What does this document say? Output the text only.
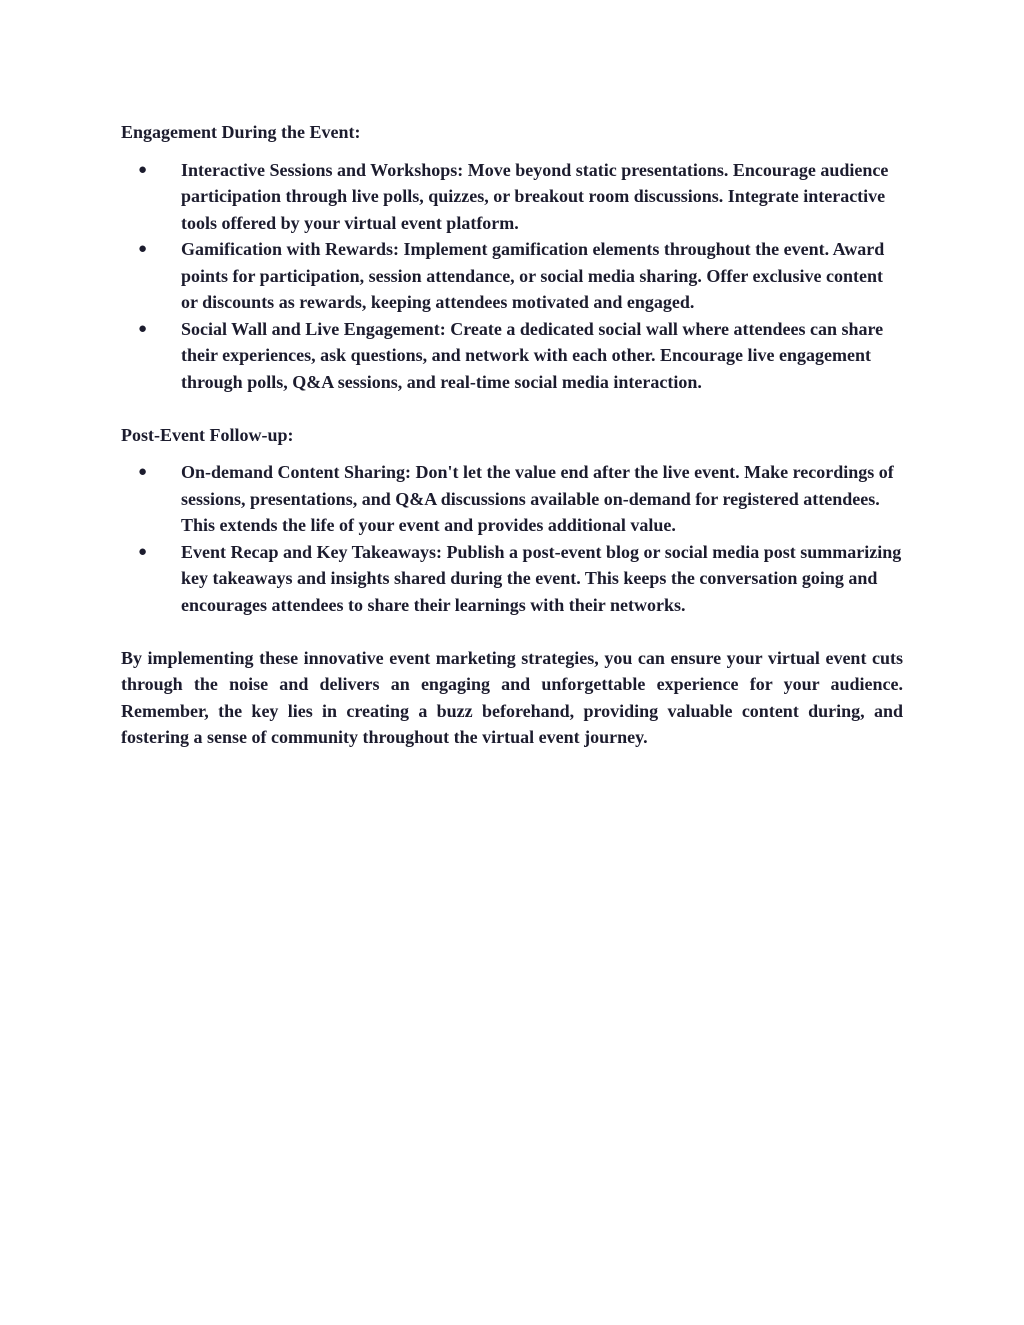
Engagement During the Event:

● Interactive Sessions and Workshops: Move beyond static presentations. Encourage audience participation through live polls, quizzes, or breakout room discussions. Integrate interactive tools offered by your virtual event platform.
● Gamification with Rewards: Implement gamification elements throughout the event. Award points for participation, session attendance, or social media sharing. Offer exclusive content or discounts as rewards, keeping attendees motivated and engaged.
● Social Wall and Live Engagement: Create a dedicated social wall where attendees can share their experiences, ask questions, and network with each other. Encourage live engagement through polls, Q&A sessions, and real-time social media interaction.

Post-Event Follow-up:

● On-demand Content Sharing: Don't let the value end after the live event. Make recordings of sessions, presentations, and Q&A discussions available on-demand for registered attendees. This extends the life of your event and provides additional value.
● Event Recap and Key Takeaways: Publish a post-event blog or social media post summarizing key takeaways and insights shared during the event. This keeps the conversation going and encourages attendees to share their learnings with their networks.

By implementing these innovative event marketing strategies, you can ensure your virtual event cuts through the noise and delivers an engaging and unforgettable experience for your audience. Remember, the key lies in creating a buzz beforehand, providing valuable content during, and fostering a sense of community throughout the virtual event journey.
